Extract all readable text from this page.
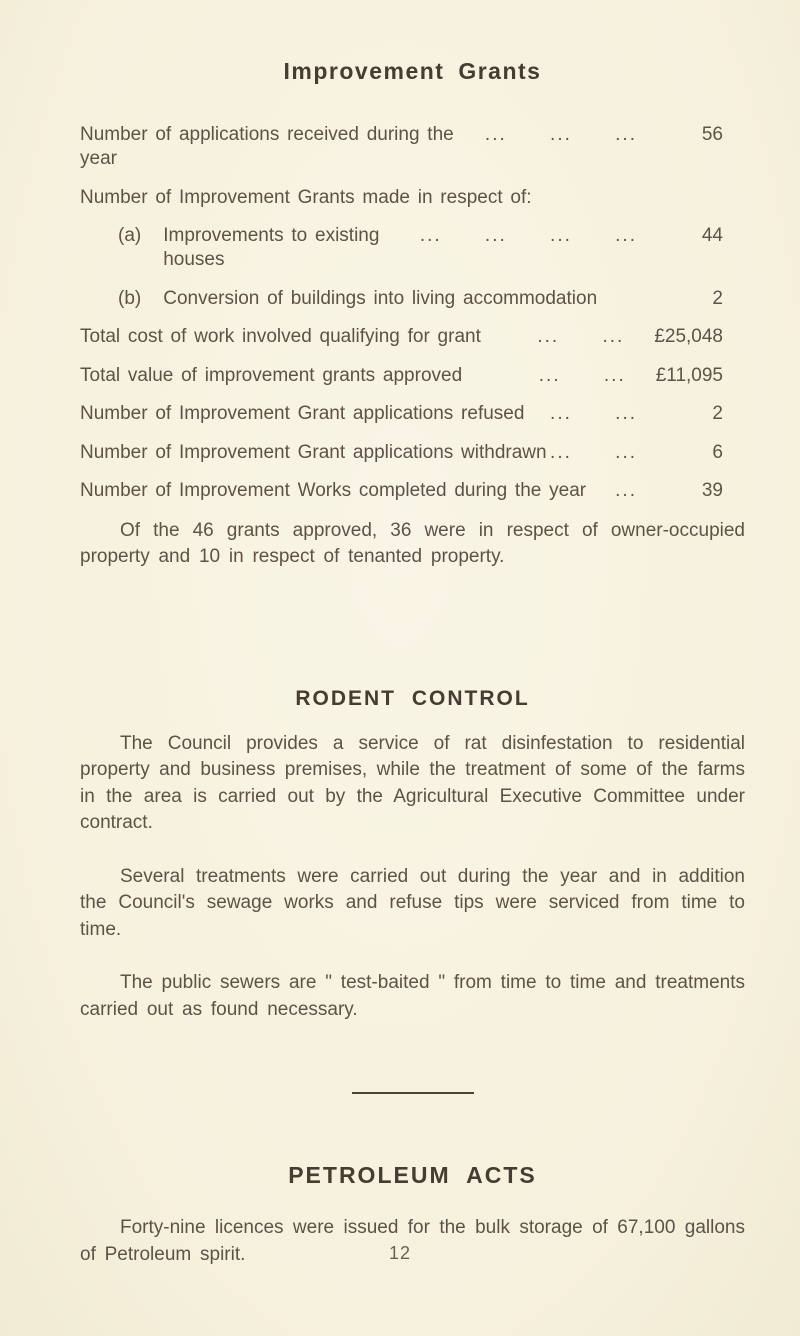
Improvement Grants
Number of applications received during the year
... ... ...	56
Number of Improvement Grants made in respect of:
(a) Improvements to existing houses
... ... ... ...	44
(b) Conversion of buildings into living accommodation	2
Total cost of work involved qualifying for grant	... ...	£25,048
Total value of improvement grants approved	... ...	£11,095
Number of Improvement Grant applications refused ... ...	2
Number of Improvement Grant applications withdrawn ... ...	6
Number of Improvement Works completed during the year ...	39

Of the 46 grants approved, 36 were in respect of owner-occupied property and 10 in respect of tenanted property.

RODENT CONTROL

The Council provides a service of rat disinfestation to residential property and business premises, while the treatment of some of the farms in the area is carried out by the Agricultural Executive Committee under contract.

Several treatments were carried out during the year and in addition the Council's sewage works and refuse tips were serviced from time to time.

The public sewers are " test-baited " from time to time and treatments carried out as found necessary.

PETROLEUM ACTS

Forty-nine licences were issued for the bulk storage of 67,100 gallons of Petroleum spirit.	12
